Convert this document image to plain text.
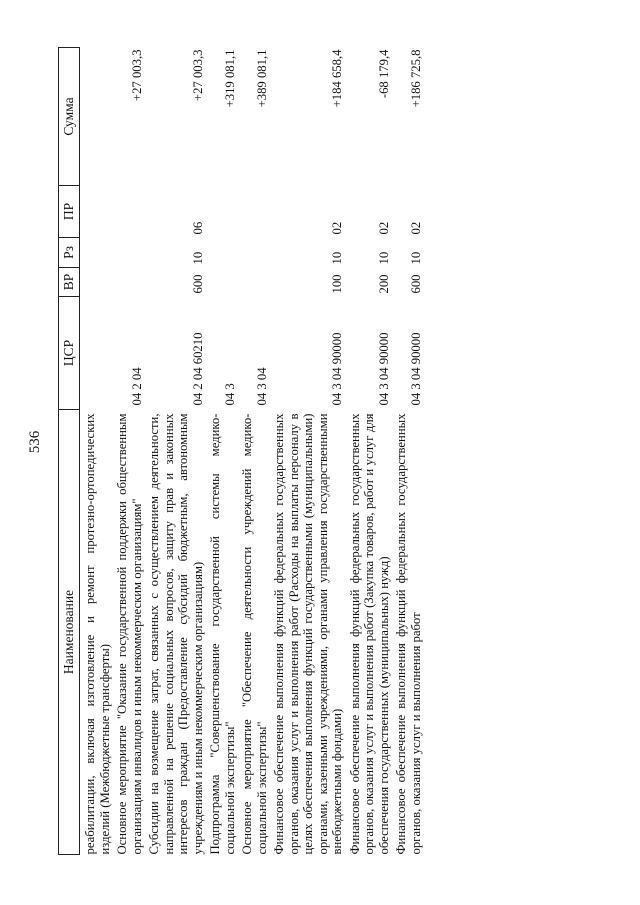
536
Наименование	ЦСР	ВР	Рз	ПР	Сумма
реабилитации, включая изготовление и ремонт протезно-ортопедических изделий (Межбюджетные трансферты)					
Основное мероприятие "Оказание государственной поддержки общественным организациям инвалидов и иным некоммерческим организациям"	04 2 04				+27 003,3
Субсидии на возмещение затрат, связанных с осуществлением деятельности, направленной на решение социальных вопросов, защиту прав и законных интересов граждан (Предоставление субсидий бюджетным, автономным учреждениям и иным некоммерческим организациям)	04 2 04 60210	600	10	06	+27 003,3
Подпрограмма "Совершенствование государственной системы медико-социальной экспертизы"	04 3				+319 081,1
Основное мероприятие "Обеспечение деятельности учреждений медико-социальной экспертизы"	04 3 04				+389 081,1
Финансовое обеспечение выполнения функций федеральных государственных органов, оказания услуг и выполнения работ (Расходы на выплаты персоналу в целях обеспечения выполнения функций государственными (муниципальными) органами, казенными учреждениями, органами управления государственными внебюджетными фондами)	04 3 04 90000	100	10	02	+184 658,4
Финансовое обеспечение выполнения функций федеральных государственных органов, оказания услуг и выполнения работ (Закупка товаров, работ и услуг для обеспечения государственных (муниципальных) нужд)	04 3 04 90000	200	10	02	-68 179,4
Финансовое обеспечение выполнения функций федеральных государственных органов, оказания услуг и выполнения работ	04 3 04 90000	600	10	02	+186 725,8
